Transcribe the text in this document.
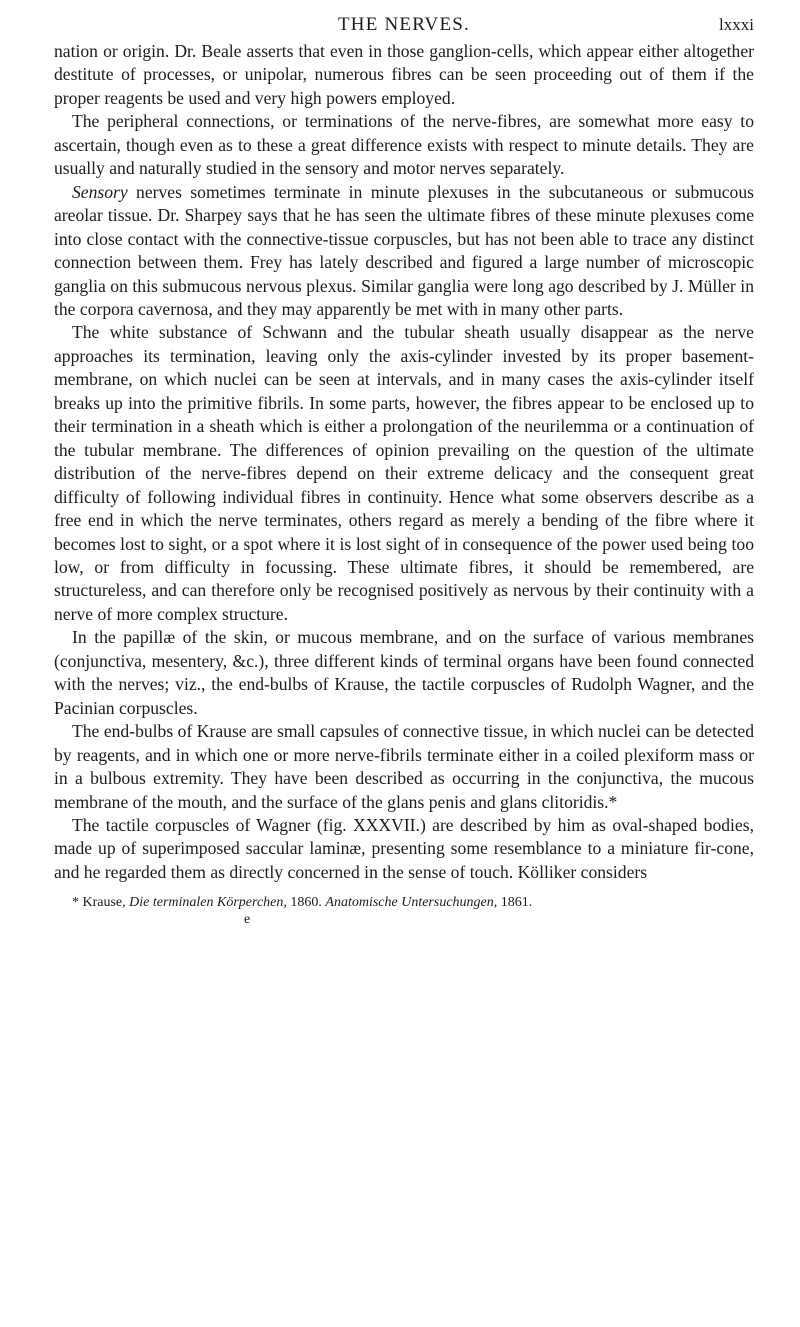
THE NERVES.	lxxxi

nation or origin. Dr. Beale asserts that even in those ganglion-cells, which appear either altogether destitute of processes, or unipolar, numerous fibres can be seen proceeding out of them if the proper reagents be used and very high powers employed.

The peripheral connections, or terminations of the nerve-fibres, are somewhat more easy to ascertain, though even as to these a great difference exists with respect to minute details. They are usually and naturally studied in the sensory and motor nerves separately.

Sensory nerves sometimes terminate in minute plexuses in the subcutaneous or submucous areolar tissue. Dr. Sharpey says that he has seen the ultimate fibres of these minute plexuses come into close contact with the connective-tissue corpuscles, but has not been able to trace any distinct connection between them. Frey has lately described and figured a large number of microscopic ganglia on this submucous nervous plexus. Similar ganglia were long ago described by J. Müller in the corpora cavernosa, and they may apparently be met with in many other parts.

The white substance of Schwann and the tubular sheath usually disappear as the nerve approaches its termination, leaving only the axis-cylinder invested by its proper basement-membrane, on which nuclei can be seen at intervals, and in many cases the axis-cylinder itself breaks up into the primitive fibrils. In some parts, however, the fibres appear to be enclosed up to their termination in a sheath which is either a prolongation of the neurilemma or a continuation of the tubular membrane. The differences of opinion prevailing on the question of the ultimate distribution of the nerve-fibres depend on their extreme delicacy and the consequent great difficulty of following individual fibres in continuity. Hence what some observers describe as a free end in which the nerve terminates, others regard as merely a bending of the fibre where it becomes lost to sight, or a spot where it is lost sight of in consequence of the power used being too low, or from difficulty in focussing. These ultimate fibres, it should be remembered, are structureless, and can therefore only be recognised positively as nervous by their continuity with a nerve of more complex structure.

In the papillæ of the skin, or mucous membrane, and on the surface of various membranes (conjunctiva, mesentery, &c.), three different kinds of terminal organs have been found connected with the nerves; viz., the end-bulbs of Krause, the tactile corpuscles of Rudolph Wagner, and the Pacinian corpuscles.

The end-bulbs of Krause are small capsules of connective tissue, in which nuclei can be detected by reagents, and in which one or more nerve-fibrils terminate either in a coiled plexiform mass or in a bulbous extremity. They have been described as occurring in the conjunctiva, the mucous membrane of the mouth, and the surface of the glans penis and glans clitoridis.*

The tactile corpuscles of Wagner (fig. XXXVII.) are described by him as oval-shaped bodies, made up of superimposed saccular laminæ, presenting some resemblance to a miniature fir-cone, and he regarded them as directly concerned in the sense of touch. Kölliker considers

* Krause, Die terminalen Körperchen, 1860. Anatomische Untersuchungen, 1861.
e
